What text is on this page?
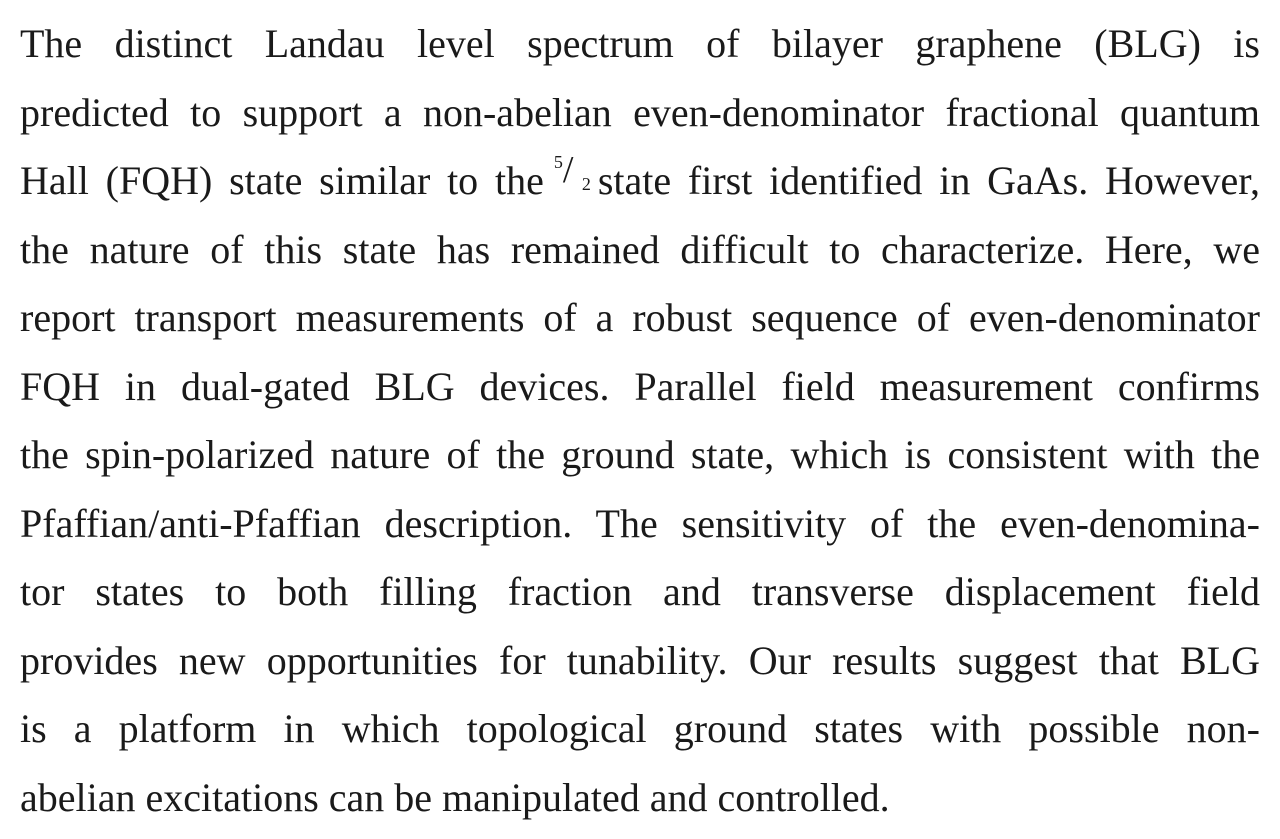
The distinct Landau level spectrum of bilayer graphene (BLG) is
predicted to support a non-abelian even-denominator fractional quantum
Hall (FQH) state similar to the 5 / 2 state first identified in GaAs. However,
the nature of this state has remained difficult to characterize. Here, we
report transport measurements of a robust sequence of even-denominator
FQH in dual-gated BLG devices. Parallel field measurement confirms
the spin-polarized nature of the ground state, which is consistent with the
Pfaffian/anti-Pfaffian description. The sensitivity of the even-denomina-
tor states to both filling fraction and transverse displacement field
provides new opportunities for tunability. Our results suggest that BLG
is a platform in which topological ground states with possible non-
abelian excitations can be manipulated and controlled.
